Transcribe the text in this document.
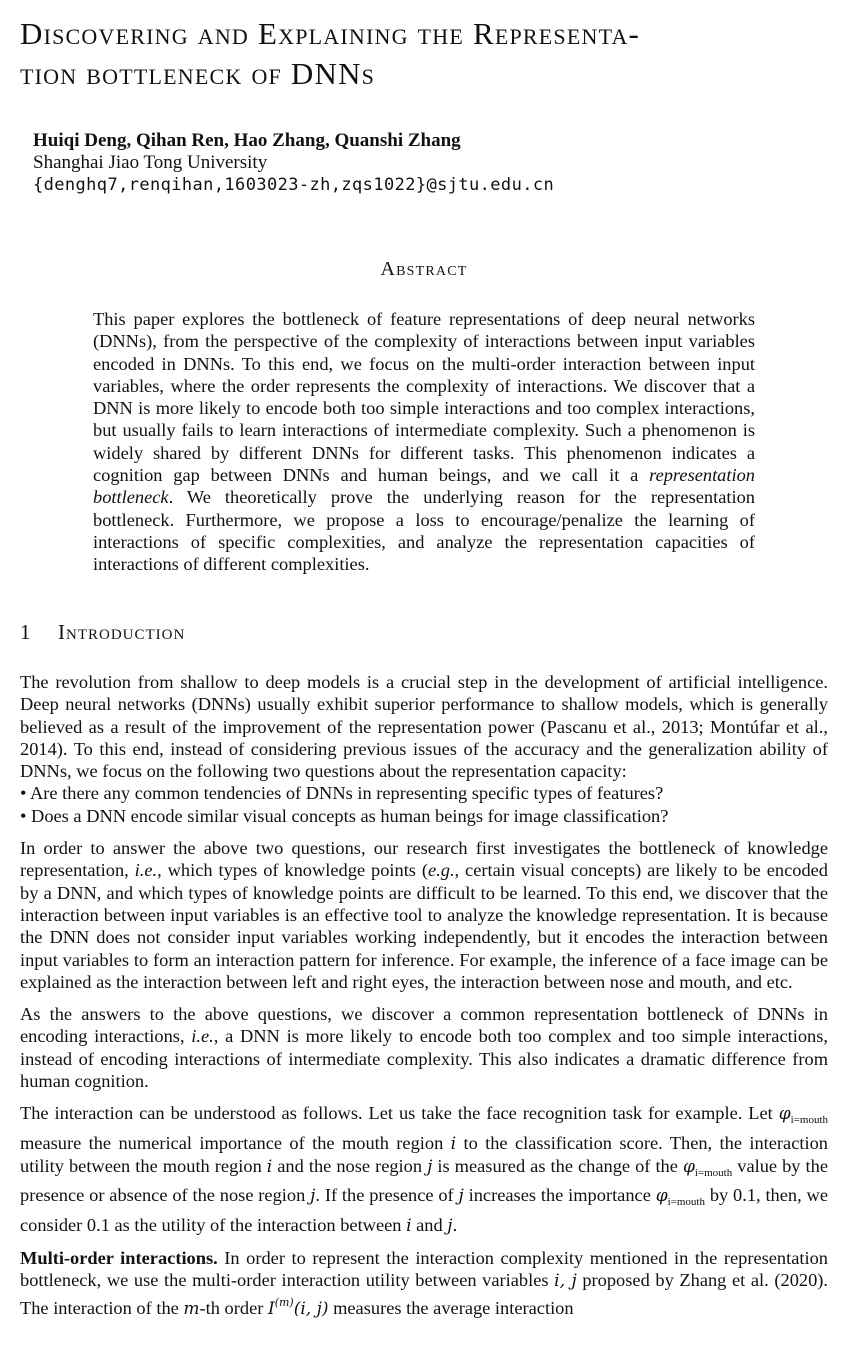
Discovering and Explaining the Representa-
tion bottleneck of DNNs
Huiqi Deng, Qihan Ren, Hao Zhang, Quanshi Zhang
Shanghai Jiao Tong University
{denghq7,renqihan,1603023-zh,zqs1022}@sjtu.edu.cn
Abstract
This paper explores the bottleneck of feature representations of deep neural networks (DNNs), from the perspective of the complexity of interactions between input variables encoded in DNNs. To this end, we focus on the multi-order interaction between input variables, where the order represents the complexity of interactions. We discover that a DNN is more likely to encode both too simple interactions and too complex interactions, but usually fails to learn interactions of intermediate complexity. Such a phenomenon is widely shared by different DNNs for different tasks. This phenomenon indicates a cognition gap between DNNs and human beings, and we call it a representation bottleneck. We theoretically prove the underlying reason for the representation bottleneck. Furthermore, we propose a loss to encourage/penalize the learning of interactions of specific complexities, and analyze the representation capacities of interactions of different complexities.
1 Introduction

The revolution from shallow to deep models is a crucial step in the development of artificial intelligence. Deep neural networks (DNNs) usually exhibit superior performance to shallow models, which is generally believed as a result of the improvement of the representation power (Pascanu et al., 2013; Montúfar et al., 2014). To this end, instead of considering previous issues of the accuracy and the generalization ability of DNNs, we focus on the following two questions about the representation capacity:
• Are there any common tendencies of DNNs in representing specific types of features?
• Does a DNN encode similar visual concepts as human beings for image classification?

In order to answer the above two questions, our research first investigates the bottleneck of knowledge representation, i.e., which types of knowledge points (e.g., certain visual concepts) are likely to be encoded by a DNN, and which types of knowledge points are difficult to be learned. To this end, we discover that the interaction between input variables is an effective tool to analyze the knowledge representation. It is because the DNN does not consider input variables working independently, but it encodes the interaction between input variables to form an interaction pattern for inference. For example, the inference of a face image can be explained as the interaction between left and right eyes, the interaction between nose and mouth, and etc.

As the answers to the above questions, we discover a common representation bottleneck of DNNs in encoding interactions, i.e., a DNN is more likely to encode both too complex and too simple interactions, instead of encoding interactions of intermediate complexity. This also indicates a dramatic difference from human cognition.

The interaction can be understood as follows. Let us take the face recognition task for example. Let $\varphi_{i=mouth}$ measure the numerical importance of the mouth region i to the classification score. Then, the interaction utility between the mouth region i and the nose region j is measured as the change of the $\varphi_{i=mouth}$ value by the presence or absence of the nose region j. If the presence of j increases the importance $\varphi_{i=mouth}$ by 0.1, then, we consider 0.1 as the utility of the interaction between i and j.

Multi-order interactions. In order to represent the interaction complexity mentioned in the representation bottleneck, we use the multi-order interaction utility between variables i, j proposed by Zhang et al. (2020). The interaction of the m-th order $I^{(m)}(i$, j) measures the average interaction
